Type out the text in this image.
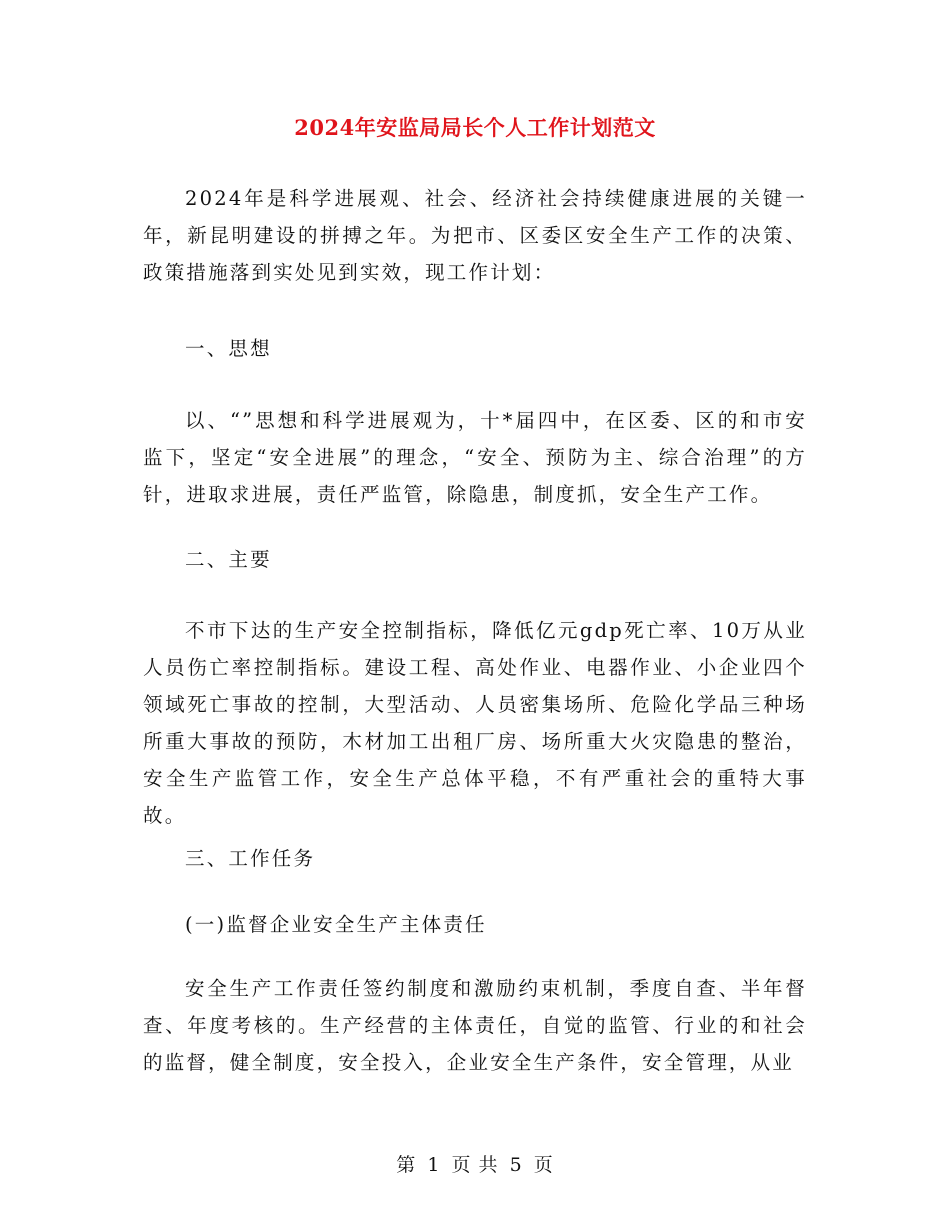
2024年安监局局长个人工作计划范文
2024年是科学进展观、社会、经济社会持续健康进展的关键一年，新昆明建设的拼搏之年。为把市、区委区安全生产工作的决策、政策措施落到实处见到实效，现工作计划：
一、思想
以、“”思想和科学进展观为，十*届四中，在区委、区的和市安监下，坚定“安全进展”的理念，“安全、预防为主、综合治理”的方针，进取求进展，责任严监管，除隐患，制度抓，安全生产工作。
二、主要
不市下达的生产安全控制指标，降低亿元gdp死亡率、10万从业人员伤亡率控制指标。建设工程、高处作业、电器作业、小企业四个领域死亡事故的控制，大型活动、人员密集场所、危险化学品三种场所重大事故的预防，木材加工出租厂房、场所重大火灾隐患的整治，安全生产监管工作，安全生产总体平稳，不有严重社会的重特大事故。
三、工作任务
(一)监督企业安全生产主体责任
安全生产工作责任签约制度和激励约束机制，季度自查、半年督查、年度考核的。生产经营的主体责任，自觉的监管、行业的和社会的监督，健全制度，安全投入，企业安全生产条件，安全管理，从业
第 1 页 共 5 页
